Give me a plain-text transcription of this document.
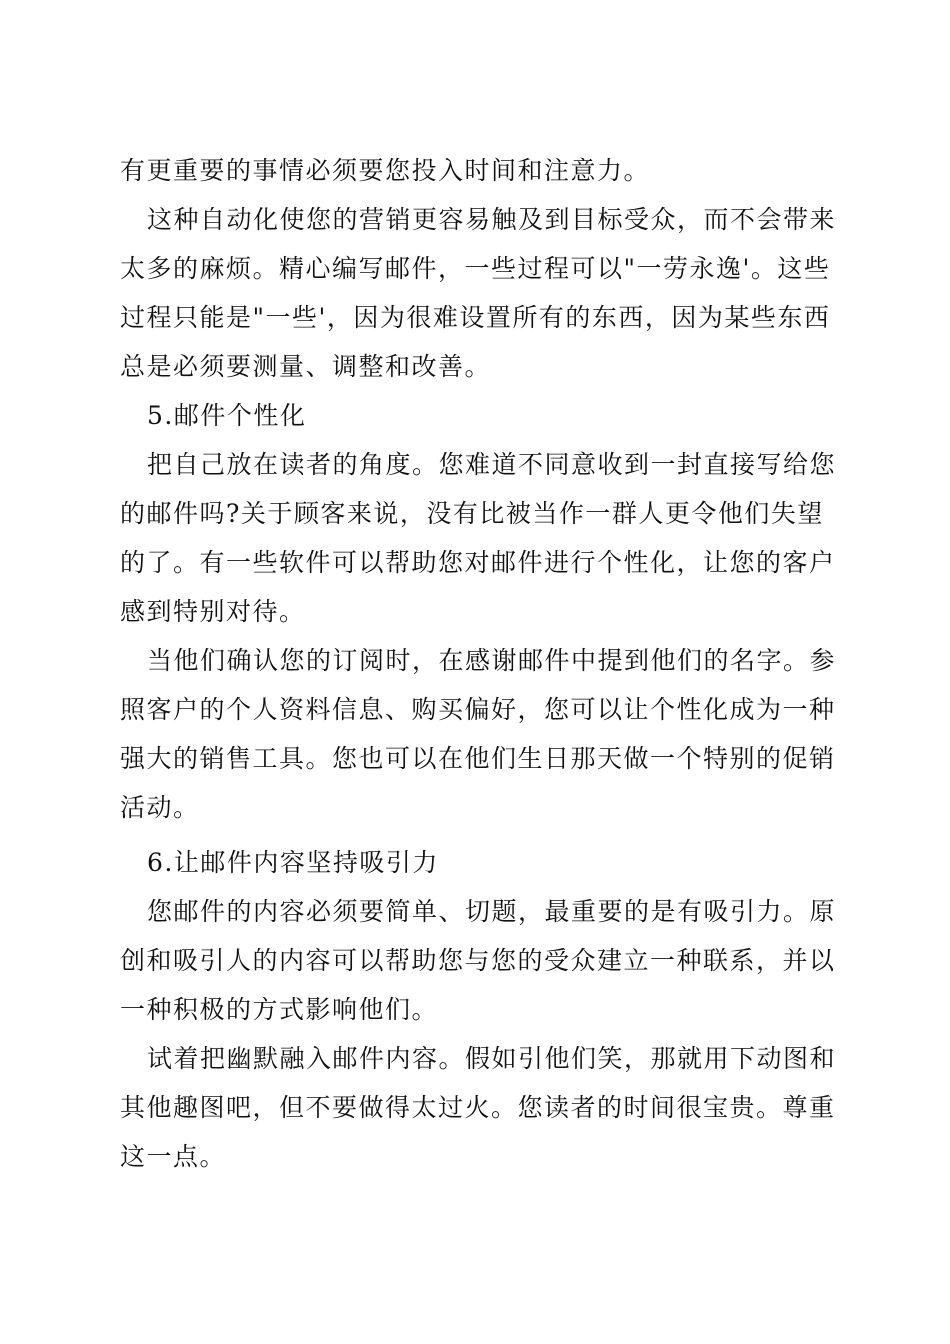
有更重要的事情必须要您投入时间和注意力。

这种自动化使您的营销更容易触及到目标受众，而不会带来太多的麻烦。精心编写邮件，一些过程可以"一劳永逸'。这些过程只能是"一些'，因为很难设置所有的东西，因为某些东西总是必须要测量、调整和改善。

5.邮件个性化

把自己放在读者的角度。您难道不同意收到一封直接写给您的邮件吗?关于顾客来说，没有比被当作一群人更令他们失望的了。有一些软件可以帮助您对邮件进行个性化，让您的客户感到特别对待。

当他们确认您的订阅时，在感谢邮件中提到他们的名字。参照客户的个人资料信息、购买偏好，您可以让个性化成为一种强大的销售工具。您也可以在他们生日那天做一个特别的促销活动。

6.让邮件内容坚持吸引力

您邮件的内容必须要简单、切题，最重要的是有吸引力。原创和吸引人的内容可以帮助您与您的受众建立一种联系，并以一种积极的方式影响他们。

试着把幽默融入邮件内容。假如引他们笑，那就用下动图和其他趣图吧，但不要做得太过火。您读者的时间很宝贵。尊重这一点。
